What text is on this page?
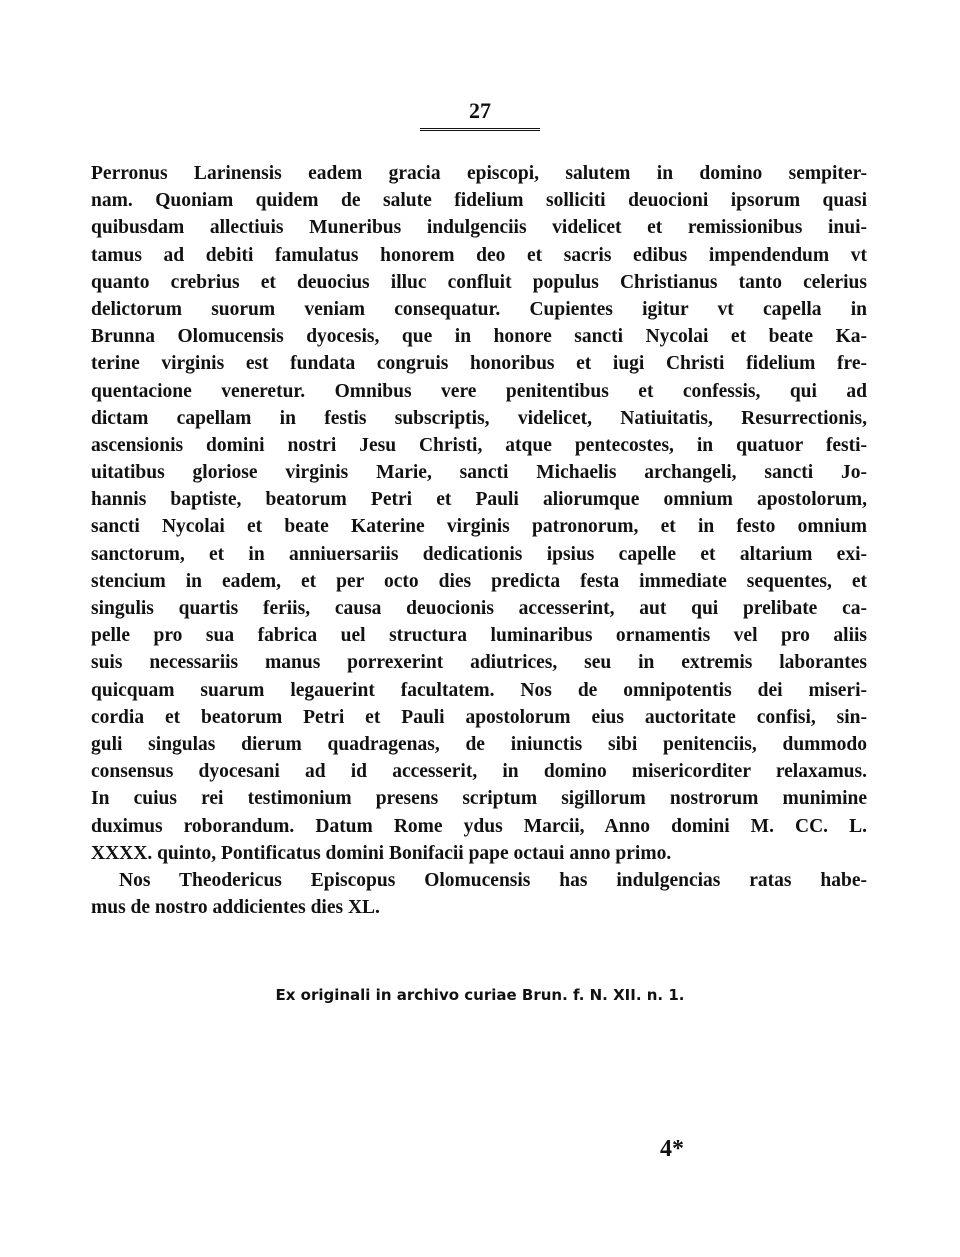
27
Perronus Larinensis eadem gracia episcopi, salutem in domino sempiter-
nam. Quoniam quidem de salute fidelium solliciti deuocioni ipsorum quasi
quibusdam allectiuis Muneribus indulgenciis videlicet et remissionibus inui-
tamus ad debiti famulatus honorem deo et sacris edibus impendendum vt
quanto crebrius et deuocius illuc confluit populus Christianus tanto celerius
delictorum suorum veniam consequatur. Cupientes igitur vt capella in
Brunna Olomucensis dyocesis, que in honore sancti Nycolai et beate Ka-
terine virginis est fundata congruis honoribus et iugi Christi fidelium fre-
quentacione veneretur. Omnibus vere penitentibus et confessis, qui ad
dictam capellam in festis subscriptis, videlicet, Natiuitatis, Resurrectionis,
ascensionis domini nostri Jesu Christi, atque pentecostes, in quatuor festi-
uitatibus gloriose virginis Marie, sancti Michaelis archangeli, sancti Jo-
hannis baptiste, beatorum Petri et Pauli aliorumque omnium apostolorum,
sancti Nycolai et beate Katerine virginis patronorum, et in festo omnium
sanctorum, et in anniuersariis dedicationis ipsius capelle et altarium exi-
stencium in eadem, et per octo dies predicta festa immediate sequentes, et
singulis quartis feriis, causa deuocionis accesserint, aut qui prelibate ca-
pelle pro sua fabrica uel structura luminaribus ornamentis vel pro aliis
suis necessariis manus porrexerint adiutrices, seu in extremis laborantes
quicquam suarum legauerint facultatem. Nos de omnipotentis dei miseri-
cordia et beatorum Petri et Pauli apostolorum eius auctoritate confisi, sin-
guli singulas dierum quadragenas, de iniunctis sibi penitenciis, dummodo
consensus dyocesani ad id accesserit, in domino misericorditer relaxamus.
In cuius rei testimonium presens scriptum sigillorum nostrorum munimine
duximus roborandum. Datum Rome ydus Marcii, Anno domini M. CC. L.
XXXX. quinto, Pontificatus domini Bonifacii pape octaui anno primo.
Nos Theodericus Episcopus Olomucensis has indulgencias ratas habe-
mus de nostro addicientes dies XL.
Ex originali in archivo curiae Brun. f. N. XII. n. 1.
4*
